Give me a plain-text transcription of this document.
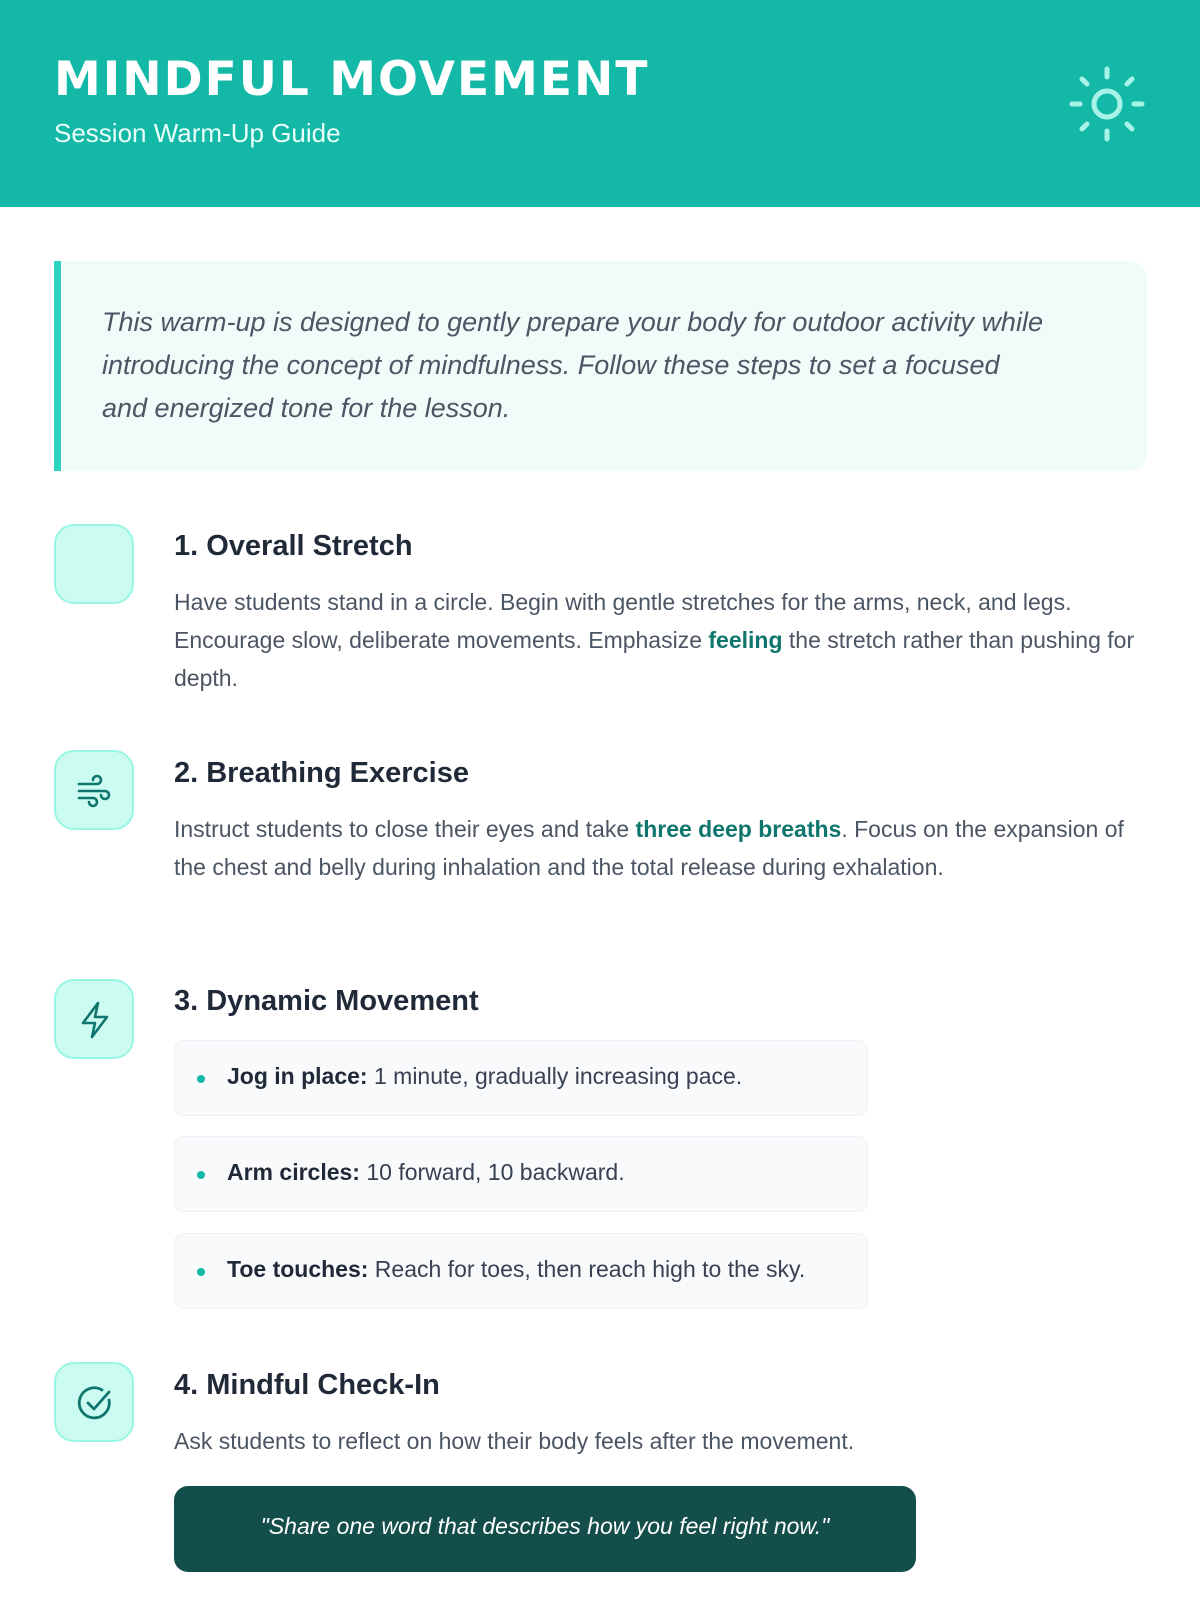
MINDFUL MOVEMENT
Session Warm-Up Guide
This warm-up is designed to gently prepare your body for outdoor activity while introducing the concept of mindfulness. Follow these steps to set a focused and energized tone for the lesson.
1. Overall Stretch
Have students stand in a circle. Begin with gentle stretches for the arms, neck, and legs. Encourage slow, deliberate movements. Emphasize feeling the stretch rather than pushing for depth.
2. Breathing Exercise
Instruct students to close their eyes and take three deep breaths. Focus on the expansion of the chest and belly during inhalation and the total release during exhalation.
3. Dynamic Movement
Jog in place: 1 minute, gradually increasing pace.
Arm circles: 10 forward, 10 backward.
Toe touches: Reach for toes, then reach high to the sky.
4. Mindful Check-In
Ask students to reflect on how their body feels after the movement.
"Share one word that describes how you feel right now."
